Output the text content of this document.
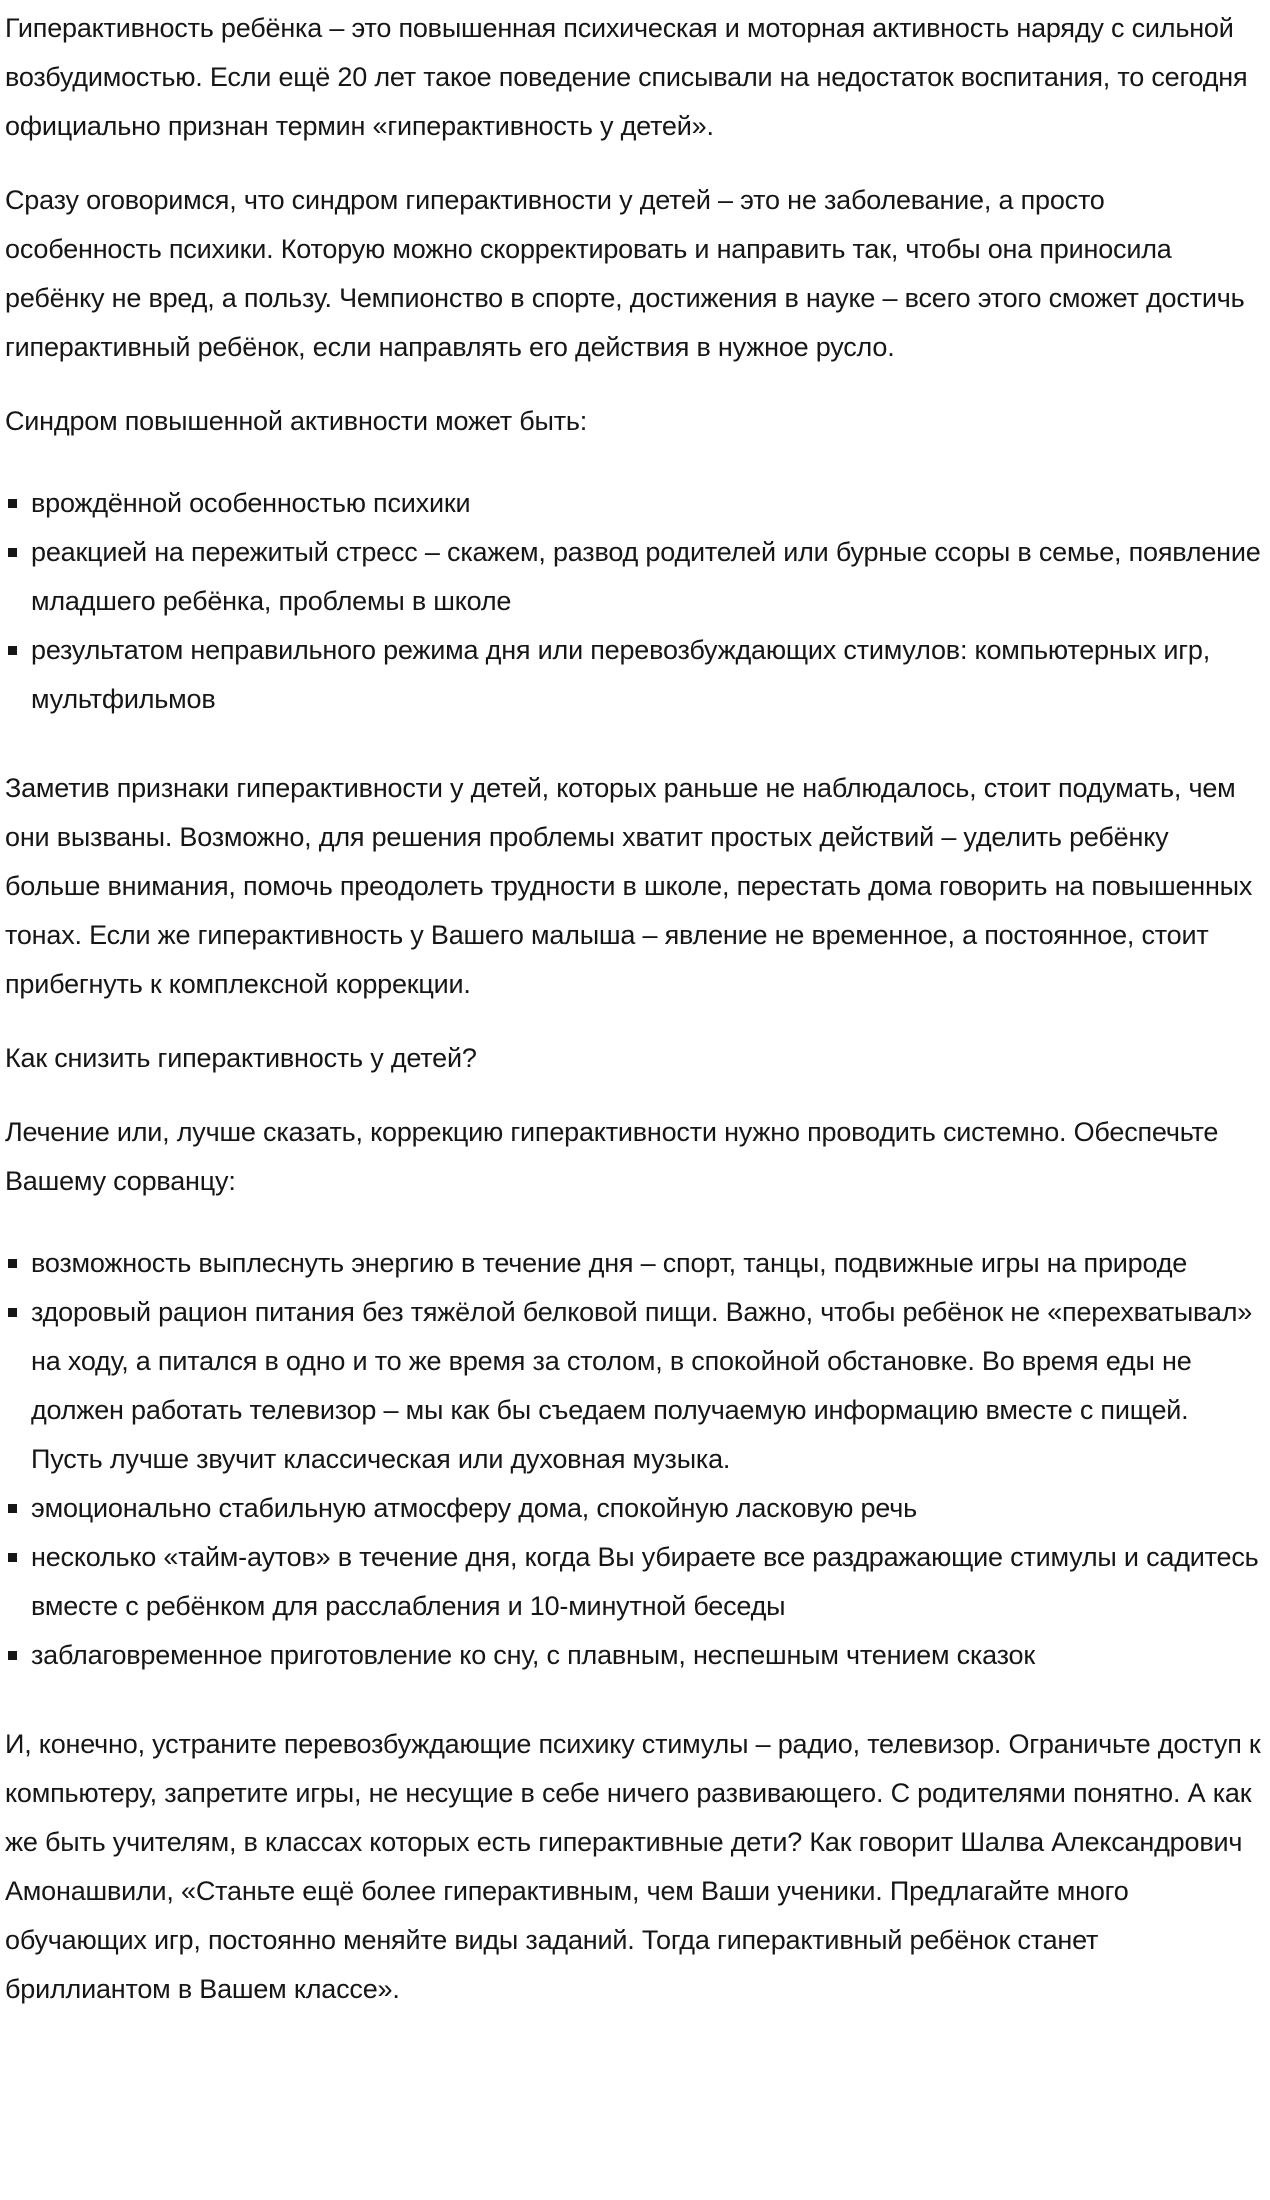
Гиперактивность ребёнка – это повышенная психическая и моторная активность наряду с сильной возбудимостью. Если ещё 20 лет такое поведение списывали на недостаток воспитания, то сегодня официально признан термин «гиперактивность у детей».

Сразу оговоримся, что синдром гиперактивности у детей – это не заболевание, а просто особенность психики. Которую можно скорректировать и направить так, чтобы она приносила ребёнку не вред, а пользу. Чемпионство в спорте, достижения в науке – всего этого сможет достичь гиперактивный ребёнок, если направлять его действия в нужное русло.

Синдром повышенной активности может быть:

врождённой особенностью психики
реакцией на пережитый стресс – скажем, развод родителей или бурные ссоры в семье, появление младшего ребёнка, проблемы в школе
результатом неправильного режима дня или перевозбуждающих стимулов: компьютерных игр, мультфильмов

Заметив признаки гиперактивности у детей, которых раньше не наблюдалось, стоит подумать, чем они вызваны. Возможно, для решения проблемы хватит простых действий – уделить ребёнку больше внимания, помочь преодолеть трудности в школе, перестать дома говорить на повышенных тонах. Если же гиперактивность у Вашего малыша – явление не временное, а постоянное, стоит прибегнуть к комплексной коррекции.

Как снизить гиперактивность у детей?

Лечение или, лучше сказать, коррекцию гиперактивности нужно проводить системно. Обеспечьте Вашему сорванцу:

возможность выплеснуть энергию в течение дня – спорт, танцы, подвижные игры на природе
здоровый рацион питания без тяжёлой белковой пищи. Важно, чтобы ребёнок не «перехватывал» на ходу, а питался в одно и то же время за столом, в спокойной обстановке. Во время еды не должен работать телевизор – мы как бы съедаем получаемую информацию вместе с пищей. Пусть лучше звучит классическая или духовная музыка.
эмоционально стабильную атмосферу дома, спокойную ласковую речь
несколько «тайм-аутов» в течение дня, когда Вы убираете все раздражающие стимулы и садитесь вместе с ребёнком для расслабления и 10-минутной беседы
заблаговременное приготовление ко сну, с плавным, неспешным чтением сказок

И, конечно, устраните перевозбуждающие психику стимулы – радио, телевизор. Ограничьте доступ к компьютеру, запретите игры, не несущие в себе ничего развивающего. С родителями понятно. А как же быть учителям, в классах которых есть гиперактивные дети? Как говорит Шалва Александрович Амонашвили, «Станьте ещё более гиперактивным, чем Ваши ученики. Предлагайте много обучающих игр, постоянно меняйте виды заданий. Тогда гиперактивный ребёнок станет бриллиантом в Вашем классе».
